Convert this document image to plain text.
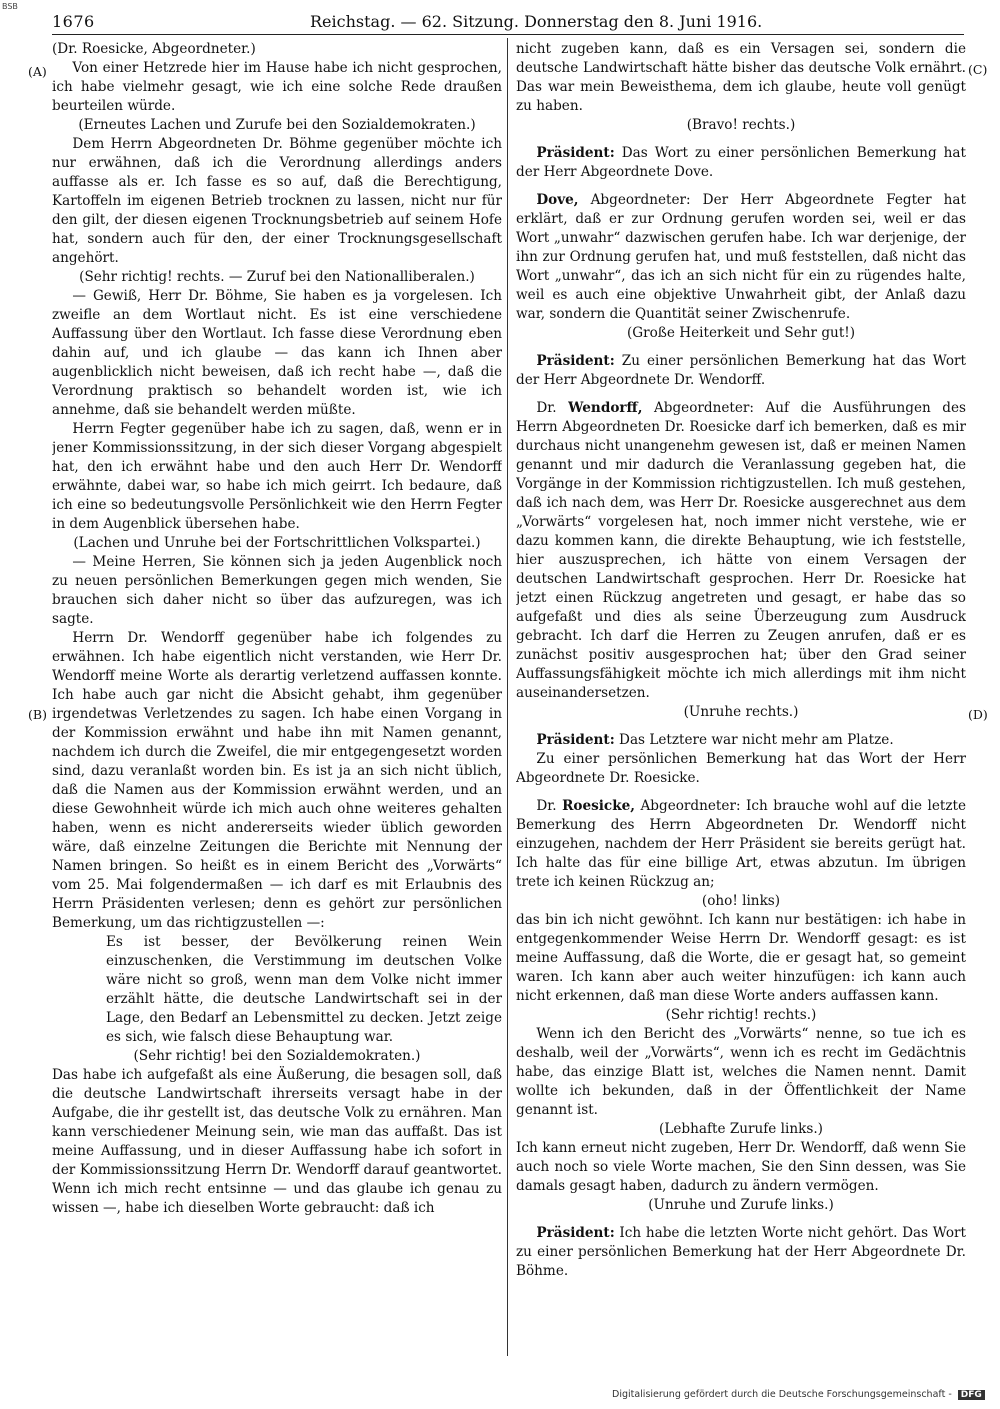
BSB
1676	Reichstag. — 62. Sitzung. Donnerstag den 8. Juni 1916.

(Dr. Roesicke, Abgeordneter.)

Von einer Hetzrede hier im Hause habe ich nicht gesprochen, ich habe vielmehr gesagt, wie ich eine solche Rede draußen beurteilen würde.

(Erneutes Lachen und Zurufe bei den Sozialdemokraten.)

Dem Herrn Abgeordneten Dr. Böhme gegenüber möchte ich nur erwähnen, daß ich die Verordnung allerdings anders auffasse als er. Ich fasse es so auf, daß die Berechtigung, Kartoffeln im eigenen Betrieb trocknen zu lassen, nicht nur für den gilt, der diesen eigenen Trocknungsbetrieb auf seinem Hofe hat, sondern auch für den, der einer Trocknungsgesellschaft angehört.

(Sehr richtig! rechts. — Zuruf bei den Nationalliberalen.)

— Gewiß, Herr Dr. Böhme, Sie haben es ja vorgelesen. Ich zweifle an dem Wortlaut nicht. Es ist eine verschiedene Auffassung über den Wortlaut. Ich fasse diese Verordnung eben dahin auf, und ich glaube — das kann ich Ihnen aber augenblicklich nicht beweisen, daß ich recht habe —, daß die Verordnung praktisch so behandelt worden ist, wie ich annehme, daß sie behandelt werden müßte.

Herrn Fegter gegenüber habe ich zu sagen, daß, wenn er in jener Kommissionssitzung, in der sich dieser Vorgang abgespielt hat, den ich erwähnt habe und den auch Herr Dr. Wendorff erwähnte, dabei war, so habe ich mich geirrt. Ich bedaure, daß ich eine so bedeutungsvolle Persönlichkeit wie den Herrn Fegter in dem Augenblick übersehen habe.

(Lachen und Unruhe bei der Fortschrittlichen Volkspartei.)

— Meine Herren, Sie können sich ja jeden Augenblick noch zu neuen persönlichen Bemerkungen gegen mich wenden, Sie brauchen sich daher nicht so über das aufzuregen, was ich sagte.

Herrn Dr. Wendorff gegenüber habe ich folgendes zu erwähnen. Ich habe eigentlich nicht verstanden, wie Herr Dr. Wendorff meine Worte als derartig verletzend auffassen konnte. Ich habe auch gar nicht die Absicht gehabt, ihm gegenüber irgendetwas Verletzendes zu sagen. Ich habe einen Vorgang in der Kommission erwähnt und habe ihn mit Namen genannt, nachdem ich durch die Zweifel, die mir entgegengesetzt worden sind, dazu veranlaßt worden bin. Es ist ja an sich nicht üblich, daß die Namen aus der Kommission erwähnt werden, und an diese Gewohnheit würde ich mich auch ohne weiteres gehalten haben, wenn es nicht andererseits wieder üblich geworden wäre, daß einzelne Zeitungen die Berichte mit Nennung der Namen bringen. So heißt es in einem Bericht des „Vorwärts“ vom 25. Mai folgendermaßen — ich darf es mit Erlaubnis des Herrn Präsidenten verlesen; denn es gehört zur persönlichen Bemerkung, um das richtigzustellen —:

Es ist besser, der Bevölkerung reinen Wein einzuschenken, die Verstimmung im deutschen Volke wäre nicht so groß, wenn man dem Volke nicht immer erzählt hätte, die deutsche Landwirtschaft sei in der Lage, den Bedarf an Lebensmittel zu decken. Jetzt zeige es sich, wie falsch diese Behauptung war.

(Sehr richtig! bei den Sozialdemokraten.)

Das habe ich aufgefaßt als eine Äußerung, die besagen soll, daß die deutsche Landwirtschaft ihrerseits versagt habe in der Aufgabe, die ihr gestellt ist, das deutsche Volk zu ernähren. Man kann verschiedener Meinung sein, wie man das auffaßt. Das ist meine Auffassung, und in dieser Auffassung habe ich sofort in der Kommissionssitzung Herrn Dr. Wendorff darauf geantwortet. Wenn ich mich recht entsinne — und das glaube ich genau zu wissen —, habe ich dieselben Worte gebraucht: daß ich

nicht zugeben kann, daß es ein Versagen sei, sondern die deutsche Landwirtschaft hätte bisher das deutsche Volk ernährt. Das war mein Beweisthema, dem ich glaube, heute voll genügt zu haben.

(Bravo! rechts.)

Präsident: Das Wort zu einer persönlichen Bemerkung hat der Herr Abgeordnete Dove.

Dove, Abgeordneter: Der Herr Abgeordnete Fegter hat erklärt, daß er zur Ordnung gerufen worden sei, weil er das Wort „unwahr“ dazwischen gerufen habe. Ich war derjenige, der ihn zur Ordnung gerufen hat, und muß feststellen, daß nicht das Wort „unwahr“, das ich an sich nicht für ein zu rügendes halte, weil es auch eine objektive Unwahrheit gibt, der Anlaß dazu war, sondern die Quantität seiner Zwischenrufe.

(Große Heiterkeit und Sehr gut!)

Präsident: Zu einer persönlichen Bemerkung hat das Wort der Herr Abgeordnete Dr. Wendorff.

Dr. Wendorff, Abgeordneter: Auf die Ausführungen des Herrn Abgeordneten Dr. Roesicke darf ich bemerken, daß es mir durchaus nicht unangenehm gewesen ist, daß er meinen Namen genannt und mir dadurch die Veranlassung gegeben hat, die Vorgänge in der Kommission richtigzustellen. Ich muß gestehen, daß ich nach dem, was Herr Dr. Roesicke ausgerechnet aus dem „Vorwärts“ vorgelesen hat, noch immer nicht verstehe, wie er dazu kommen kann, die direkte Behauptung, wie ich feststelle, hier auszusprechen, ich hätte von einem Versagen der deutschen Landwirtschaft gesprochen. Herr Dr. Roesicke hat jetzt einen Rückzug angetreten und gesagt, er habe das so aufgefaßt und dies als seine Überzeugung zum Ausdruck gebracht. Ich darf die Herren zu Zeugen anrufen, daß er es zunächst positiv ausgesprochen hat; über den Grad seiner Auffassungsfähigkeit möchte ich mich allerdings mit ihm nicht auseinandersetzen.

(Unruhe rechts.)

Präsident: Das Letztere war nicht mehr am Platze.

Zu einer persönlichen Bemerkung hat das Wort der Herr Abgeordnete Dr. Roesicke.

Dr. Roesicke, Abgeordneter: Ich brauche wohl auf die letzte Bemerkung des Herrn Abgeordneten Dr. Wendorff nicht einzugehen, nachdem der Herr Präsident sie bereits gerügt hat. Ich halte das für eine billige Art, etwas abzutun. Im übrigen trete ich keinen Rückzug an;

(oho! links)

das bin ich nicht gewöhnt. Ich kann nur bestätigen: ich habe in entgegenkommender Weise Herrn Dr. Wendorff gesagt: es ist meine Auffassung, daß die Worte, die er gesagt hat, so gemeint waren. Ich kann aber auch weiter hinzufügen: ich kann auch nicht erkennen, daß man diese Worte anders auffassen kann.

(Sehr richtig! rechts.)

Wenn ich den Bericht des „Vorwärts“ nenne, so tue ich es deshalb, weil der „Vorwärts“, wenn ich es recht im Gedächtnis habe, das einzige Blatt ist, welches die Namen nennt. Damit wollte ich bekunden, daß in der Öffentlichkeit der Name genannt ist.

(Lebhafte Zurufe links.)

Ich kann erneut nicht zugeben, Herr Dr. Wendorff, daß wenn Sie auch noch so viele Worte machen, Sie den Sinn dessen, was Sie damals gesagt haben, dadurch zu ändern vermögen.

(Unruhe und Zurufe links.)

Präsident: Ich habe die letzten Worte nicht gehört. Das Wort zu einer persönlichen Bemerkung hat der Herr Abgeordnete Dr. Böhme.

(A)
(B)
(C)
(D)
Digitalisierung gefördert durch die Deutsche Forschungsgemeinschaft - DFG
